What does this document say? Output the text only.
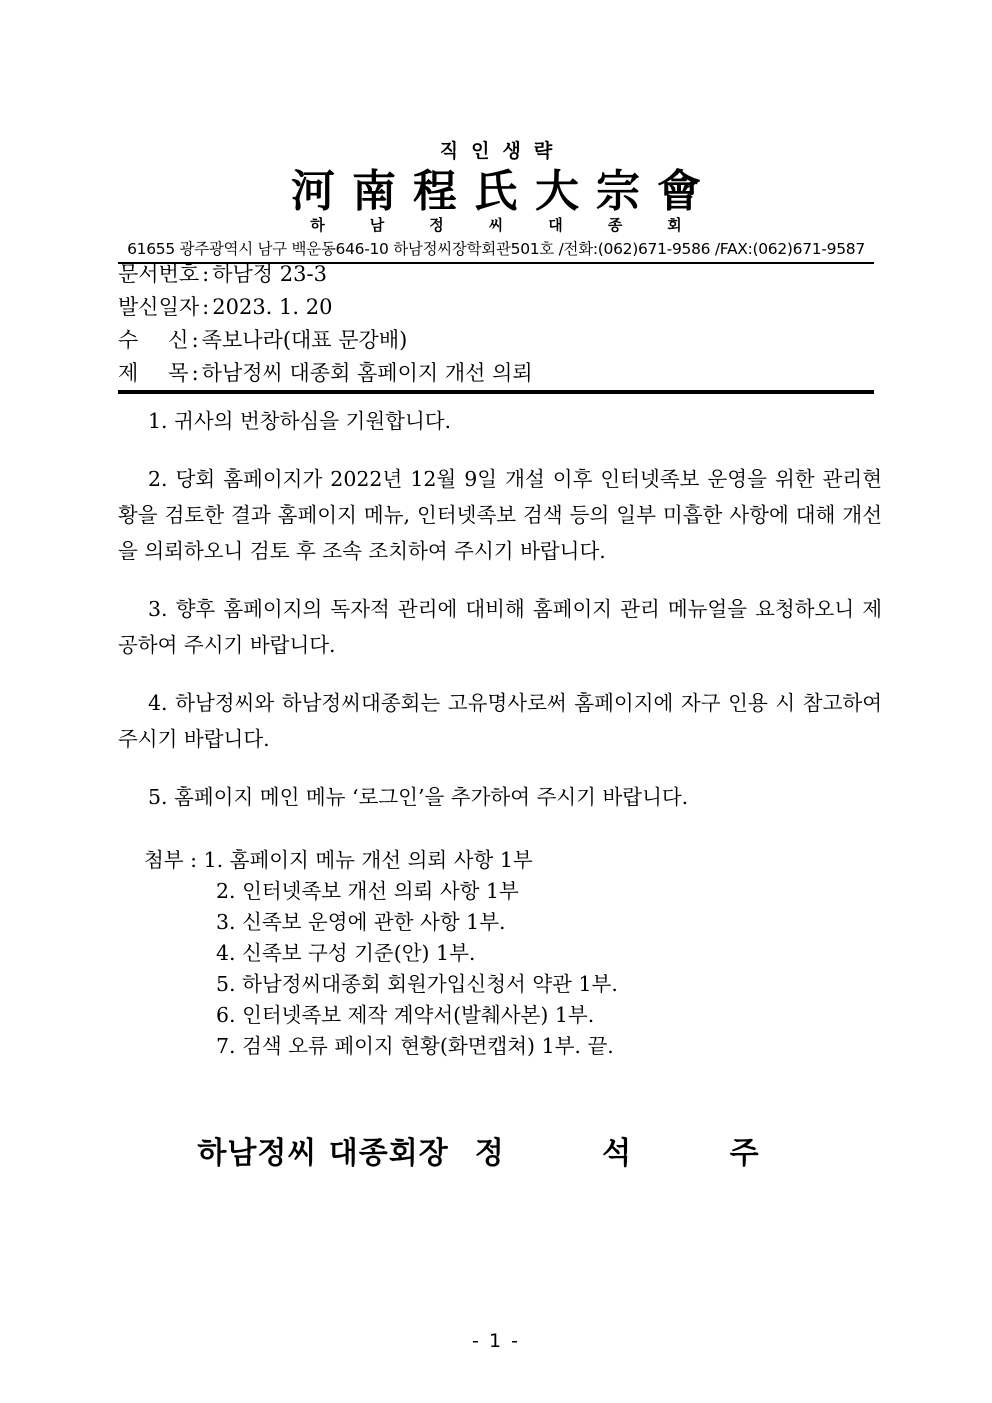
직인생략
河南程氏大宗會
하남정씨대종회
61655 광주광역시 남구 백운동646-10 하남정씨장학회관501호 /전화:(062)671-9586 /FAX:(062)671-9587
문서번호 : 하남정 23-3
발신일자 : 2023. 1. 20
수신 : 족보나라(대표 문강배)
제목 : 하남정씨 대종회 홈페이지 개선 의뢰

1. 귀사의 번창하심을 기원합니다.

2. 당회 홈페이지가 2022년 12월 9일 개설 이후 인터넷족보 운영을 위한 관리현황을 검토한 결과 홈페이지 메뉴, 인터넷족보 검색 등의 일부 미흡한 사항에 대해 개선을 의뢰하오니 검토 후 조속 조치하여 주시기 바랍니다.

3. 향후 홈페이지의 독자적 관리에 대비해 홈페이지 관리 메뉴얼을 요청하오니 제공하여 주시기 바랍니다.

4. 하남정씨와 하남정씨대종회는 고유명사로써 홈페이지에 자구 인용 시 참고하여 주시기 바랍니다.

5. 홈페이지 메인 메뉴 ‘로그인’을 추가하여 주시기 바랍니다.

첨부 : 1. 홈페이지 메뉴 개선 의뢰 사항 1부
2. 인터넷족보 개선 의뢰 사항 1부
3. 신족보 운영에 관한 사항 1부.
4. 신족보 구성 기준(안) 1부.
5. 하남정씨대종회 회원가입신청서 약관 1부.
6. 인터넷족보 제작 계약서(발췌사본) 1부.
7. 검색 오류 페이지 현황(화면캡쳐) 1부. 끝.
하남정씨 대종회장 정 석 주
- 1 -
